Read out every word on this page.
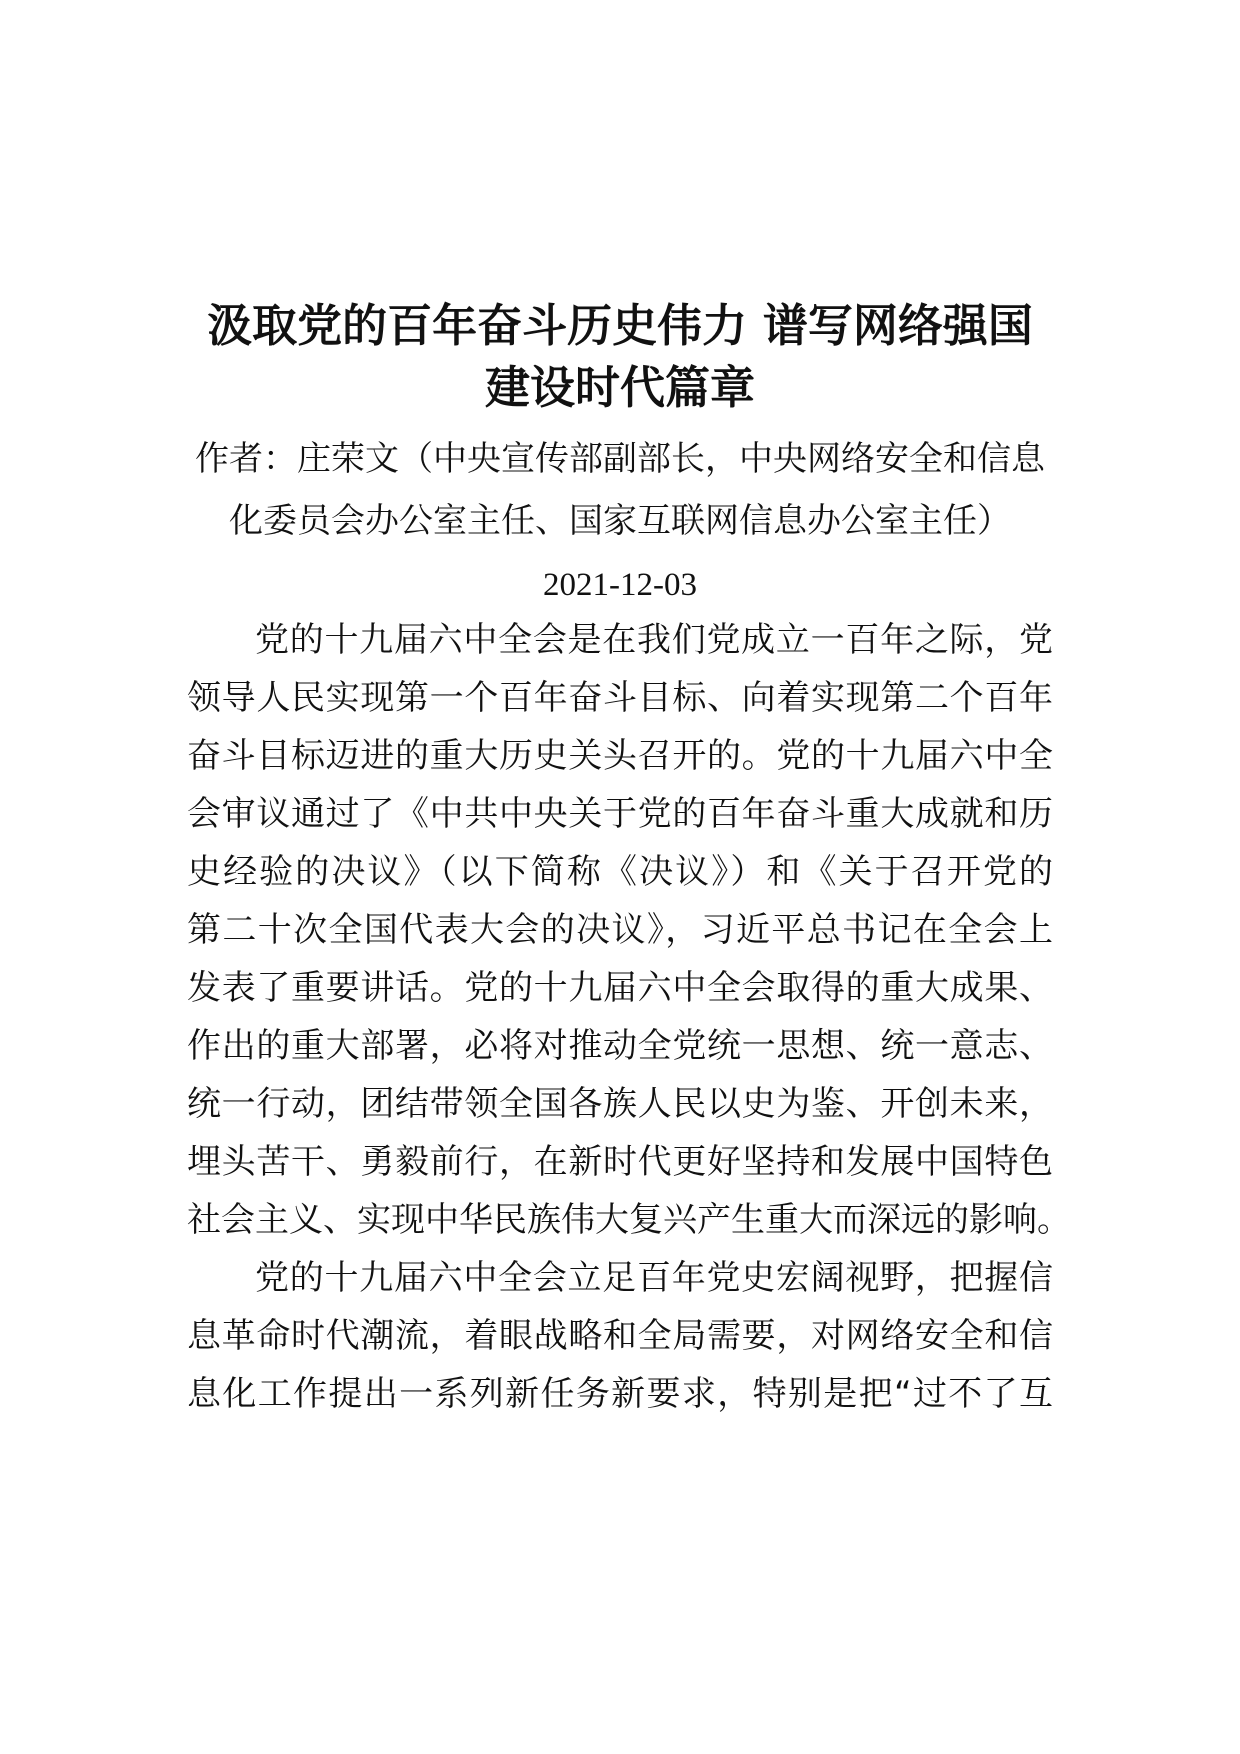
汲取党的百年奋斗历史伟力 谱写网络强国
建设时代篇章

作者：庄荣文（中央宣传部副部长，中央网络安全和信息

化委员会办公室主任、国家互联网信息办公室主任）

2021-12-03

党的十九届六中全会是在我们党成立一百年之际，党

领导人民实现第一个百年奋斗目标、向着实现第二个百年

奋斗目标迈进的重大历史关头召开的。党的十九届六中全

会审议通过了《中共中央关于党的百年奋斗重大成就和历

史经验的决议》（以下简称《决议》）和《关于召开党的

第二十次全国代表大会的决议》，习近平总书记在全会上

发表了重要讲话。党的十九届六中全会取得的重大成果、

作出的重大部署，必将对推动全党统一思想、统一意志、

统一行动，团结带领全国各族人民以史为鉴、开创未来，

埋头苦干、勇毅前行，在新时代更好坚持和发展中国特色

社会主义、实现中华民族伟大复兴产生重大而深远的影响。

党的十九届六中全会立足百年党史宏阔视野，把握信

息革命时代潮流，着眼战略和全局需要，对网络安全和信

息化工作提出一系列新任务新要求，特别是把“过不了互
